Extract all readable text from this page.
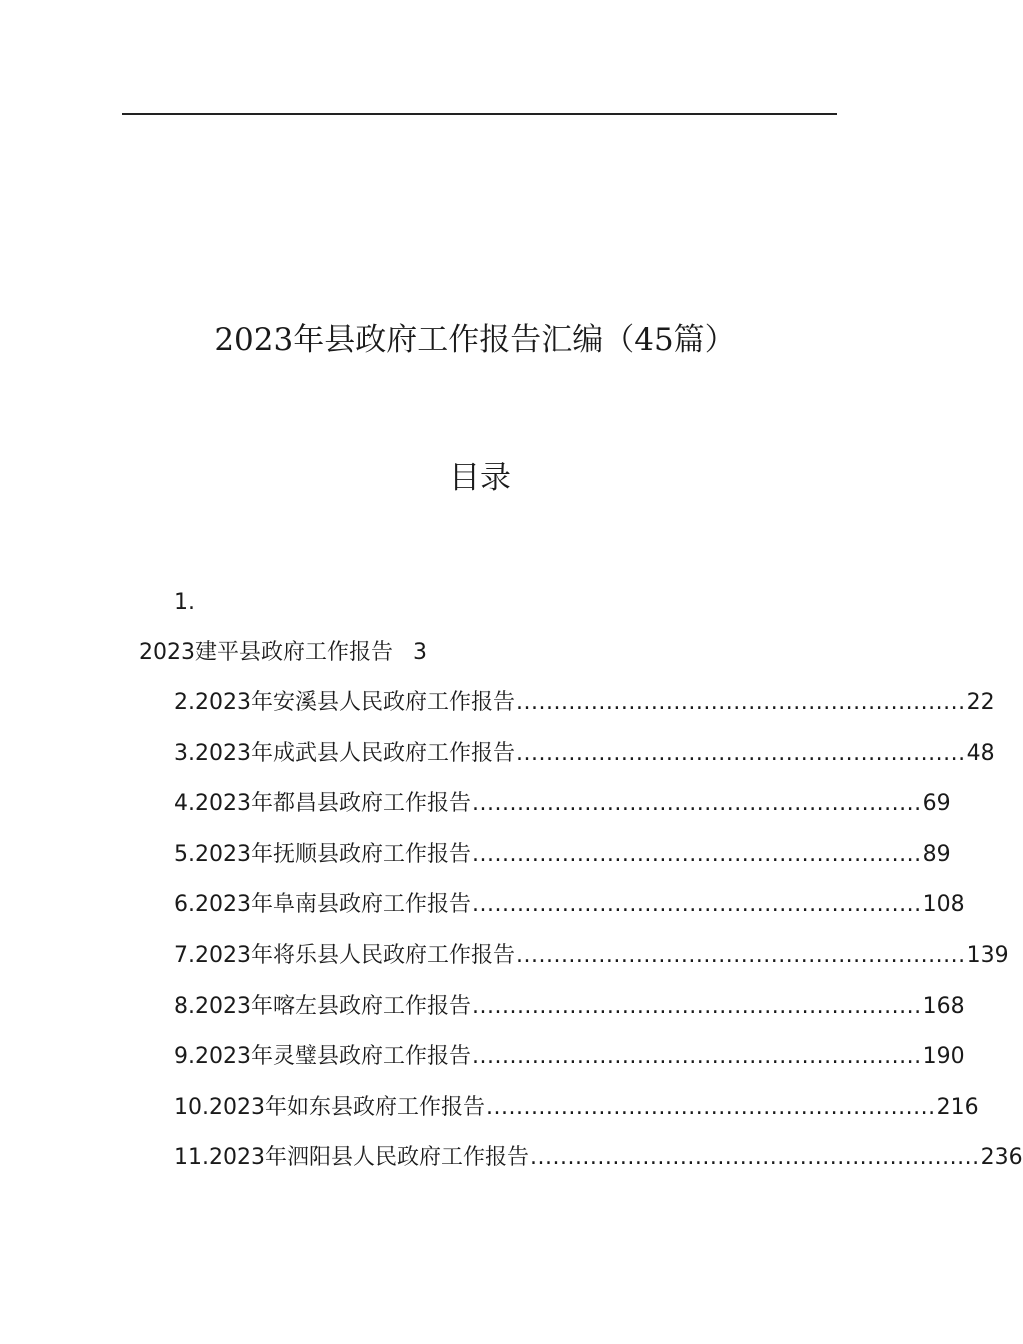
2023年县政府工作报告汇编（45篇）
目录
1.
2023建平县政府工作报告 3
2.2023年安溪县人民政府工作报告 ............................................................ 22
3.2023年成武县人民政府工作报告 ............................................................ 48
4.2023年都昌县政府工作报告 ............................................................ 69
5.2023年抚顺县政府工作报告 ............................................................ 89
6.2023年阜南县政府工作报告 ............................................................ 108
7.2023年将乐县人民政府工作报告 ............................................................ 139
8.2023年喀左县政府工作报告 ............................................................ 168
9.2023年灵璧县政府工作报告 ............................................................ 190
10.2023年如东县政府工作报告 ............................................................ 216
11.2023年泗阳县人民政府工作报告 ............................................................ 236
